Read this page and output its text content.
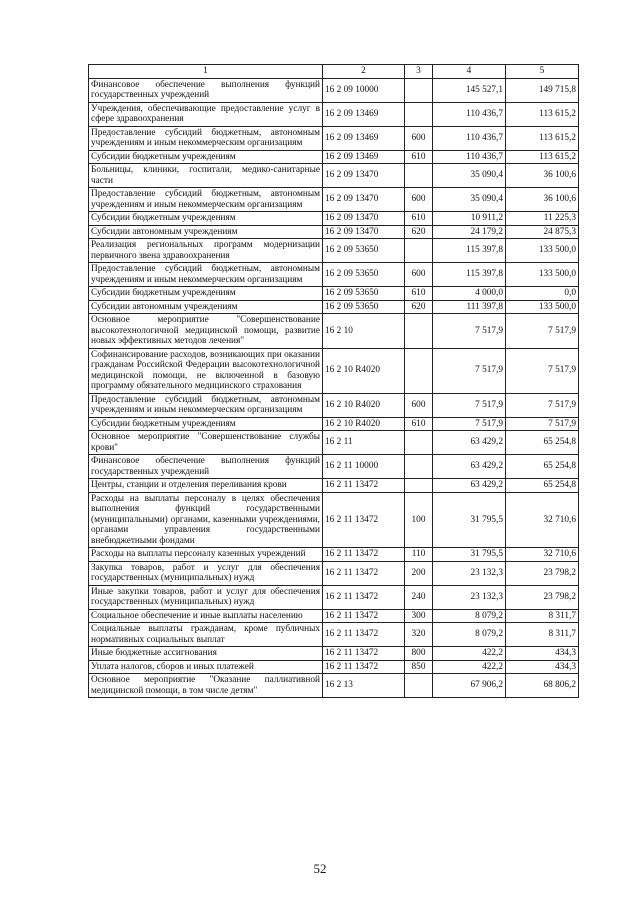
1	2	3	4	5
Финансовое обеспечение выполнения функций государственных учреждений	16 2 09 10000		145 527,1	149 715,8
Учреждения, обеспечивающие предоставление услуг в сфере здравоохранения	16 2 09 13469		110 436,7	113 615,2
Предоставление субсидий бюджетным, автономным учреждениям и иным некоммерческим организациям	16 2 09 13469	600	110 436,7	113 615,2
Субсидии бюджетным учреждениям	16 2 09 13469	610	110 436,7	113 615,2
Больницы, клиники, госпитали, медико-санитарные части	16 2 09 13470		35 090,4	36 100,6
Предоставление субсидий бюджетным, автономным учреждениям и иным некоммерческим организациям	16 2 09 13470	600	35 090,4	36 100,6
Субсидии бюджетным учреждениям	16 2 09 13470	610	10 911,2	11 225,3
Субсидии автономным учреждениям	16 2 09 13470	620	24 179,2	24 875,3
Реализация региональных программ модернизации первичного звена здравоохранения	16 2 09 53650		115 397,8	133 500,0
Предоставление субсидий бюджетным, автономным учреждениям и иным некоммерческим организациям	16 2 09 53650	600	115 397,8	133 500,0
Субсидии бюджетным учреждениям	16 2 09 53650	610	4 000,0	0,0
Субсидии автономным учреждениям	16 2 09 53650	620	111 397,8	133 500,0
Основное мероприятие "Совершенствование высокотехнологичной медицинской помощи, развитие новых эффективных методов лечения"	16 2 10		7 517,9	7 517,9
Софинансирование расходов, возникающих при оказании гражданам Российской Федерации высокотехнологичной медицинской помощи, не включенной в базовую программу обязательного медицинского страхования	16 2 10 R4020		7 517,9	7 517,9
Предоставление субсидий бюджетным, автономным учреждениям и иным некоммерческим организациям	16 2 10 R4020	600	7 517,9	7 517,9
Субсидии бюджетным учреждениям	16 2 10 R4020	610	7 517,9	7 517,9
Основное мероприятие "Совершенствование службы крови"	16 2 11		63 429,2	65 254,8
Финансовое обеспечение выполнения функций государственных учреждений	16 2 11 10000		63 429,2	65 254,8
Центры, станции и отделения переливания крови	16 2 11 13472		63 429,2	65 254,8
Расходы на выплаты персоналу в целях обеспечения выполнения функций государственными (муниципальными) органами, казенными учреждениями, органами управления государственными внебюджетными фондами	16 2 11 13472	100	31 795,5	32 710,6
Расходы на выплаты персоналу казенных учреждений	16 2 11 13472	110	31 795,5	32 710,6
Закупка товаров, работ и услуг для обеспечения государственных (муниципальных) нужд	16 2 11 13472	200	23 132,3	23 798,2
Иные закупки товаров, работ и услуг для обеспечения государственных (муниципальных) нужд	16 2 11 13472	240	23 132,3	23 798,2
Социальное обеспечение и иные выплаты населению	16 2 11 13472	300	8 079,2	8 311,7
Социальные выплаты гражданам, кроме публичных нормативных социальных выплат	16 2 11 13472	320	8 079,2	8 311,7
Иные бюджетные ассигнования	16 2 11 13472	800	422,2	434,3
Уплата налогов, сборов и иных платежей	16 2 11 13472	850	422,2	434,3
Основное мероприятие "Оказание паллиативной медицинской помощи, в том числе детям"	16 2 13		67 906,2	68 806,2
52
